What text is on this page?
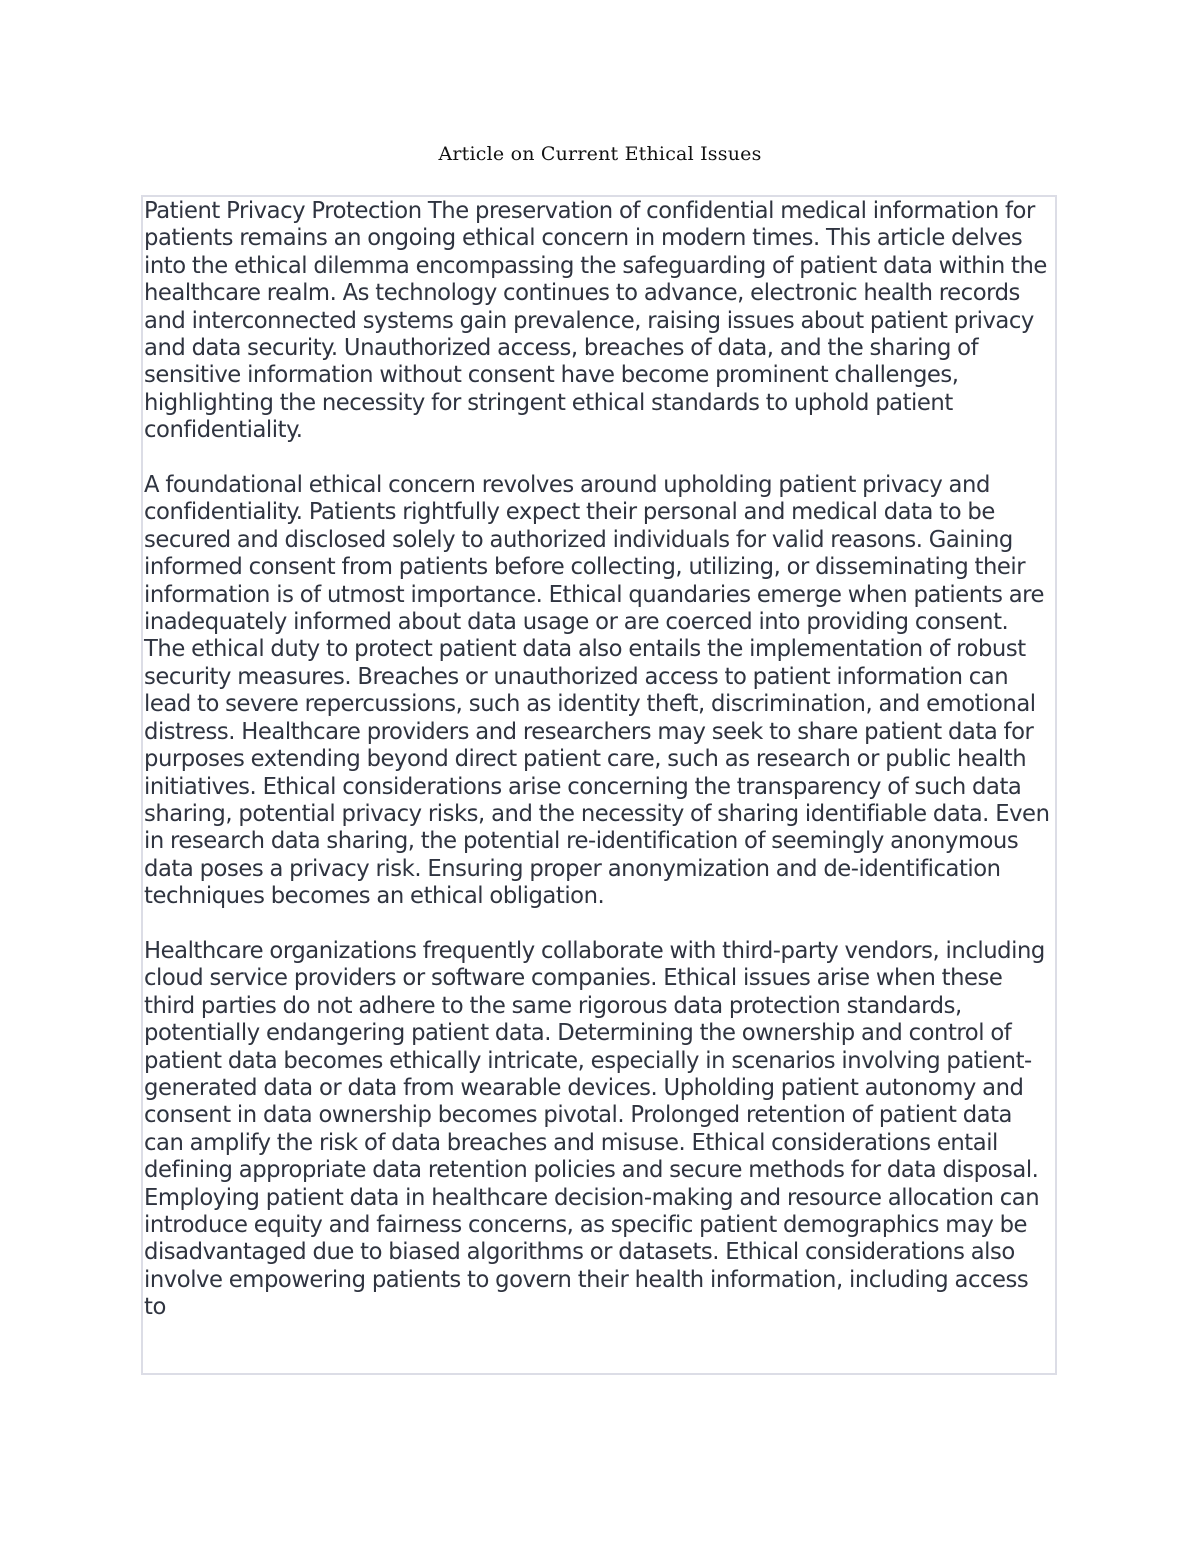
Article on Current Ethical Issues

Patient Privacy Protection The preservation of confidential medical information for patients remains an ongoing ethical concern in modern times. This article delves into the ethical dilemma encompassing the safeguarding of patient data within the healthcare realm. As technology continues to advance, electronic health records and interconnected systems gain prevalence, raising issues about patient privacy and data security. Unauthorized access, breaches of data, and the sharing of sensitive information without consent have become prominent challenges, highlighting the necessity for stringent ethical standards to uphold patient confidentiality.

A foundational ethical concern revolves around upholding patient privacy and confidentiality. Patients rightfully expect their personal and medical data to be secured and disclosed solely to authorized individuals for valid reasons. Gaining informed consent from patients before collecting, utilizing, or disseminating their information is of utmost importance. Ethical quandaries emerge when patients are inadequately informed about data usage or are coerced into providing consent. The ethical duty to protect patient data also entails the implementation of robust security measures. Breaches or unauthorized access to patient information can lead to severe repercussions, such as identity theft, discrimination, and emotional distress. Healthcare providers and researchers may seek to share patient data for purposes extending beyond direct patient care, such as research or public health initiatives. Ethical considerations arise concerning the transparency of such data sharing, potential privacy risks, and the necessity of sharing identifiable data. Even in research data sharing, the potential re-identification of seemingly anonymous data poses a privacy risk. Ensuring proper anonymization and de-identification techniques becomes an ethical obligation.

Healthcare organizations frequently collaborate with third-party vendors, including cloud service providers or software companies. Ethical issues arise when these third parties do not adhere to the same rigorous data protection standards, potentially endangering patient data. Determining the ownership and control of patient data becomes ethically intricate, especially in scenarios involving patient-generated data or data from wearable devices. Upholding patient autonomy and consent in data ownership becomes pivotal. Prolonged retention of patient data can amplify the risk of data breaches and misuse. Ethical considerations entail defining appropriate data retention policies and secure methods for data disposal. Employing patient data in healthcare decision-making and resource allocation can introduce equity and fairness concerns, as specific patient demographics may be disadvantaged due to biased algorithms or datasets. Ethical considerations also involve empowering patients to govern their health information, including access to
